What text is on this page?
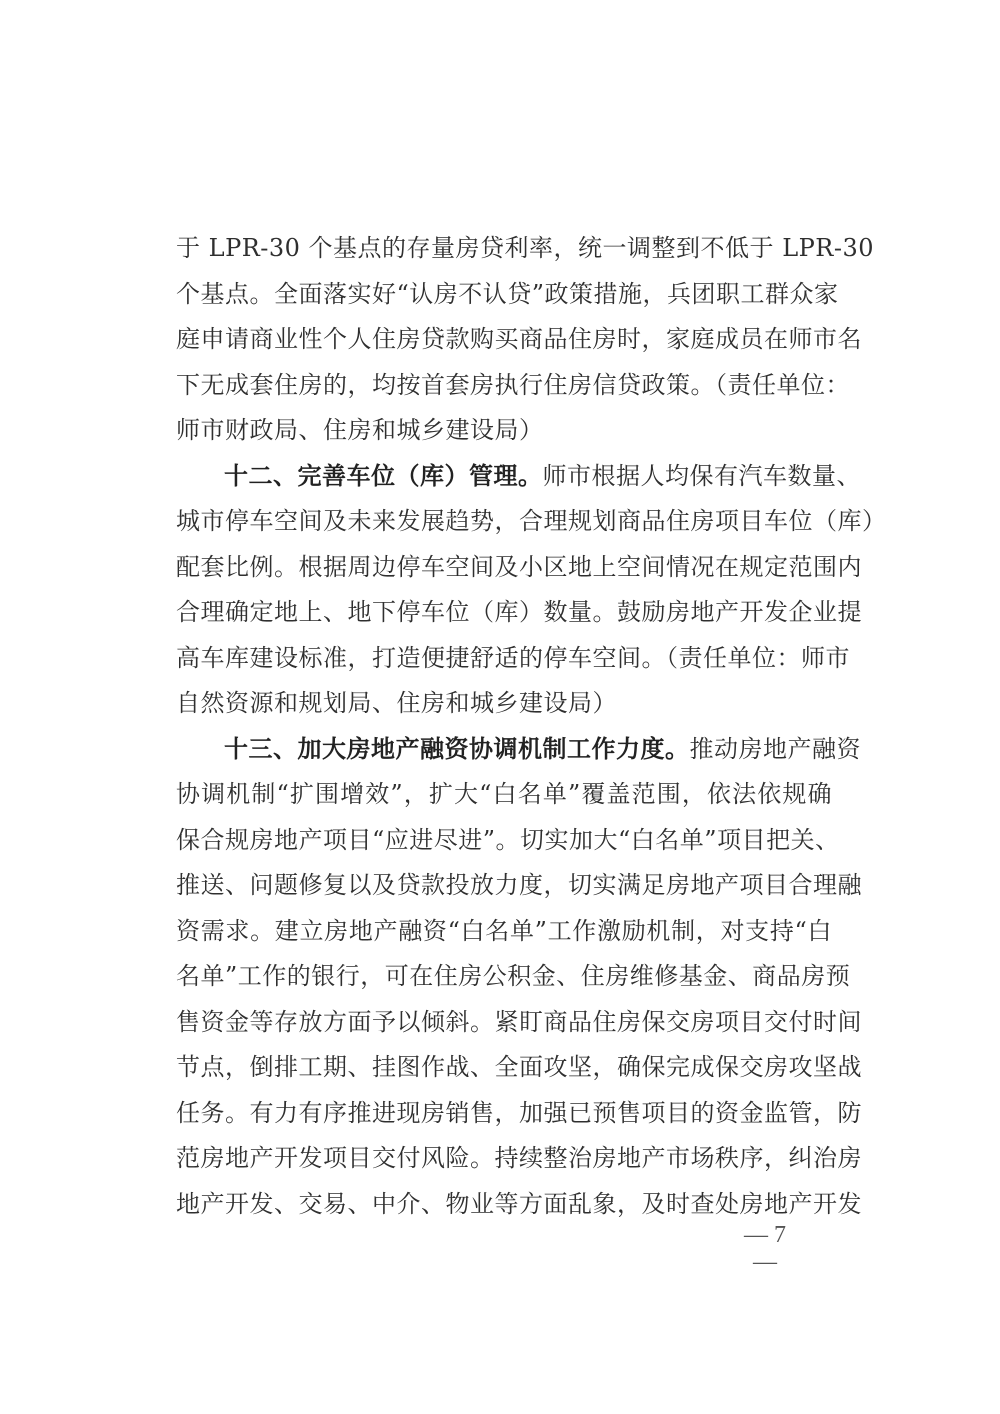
于 LPR-30 个基点的存量房贷利率，统一调整到不低于 LPR-30
个基点。全面落实好“认房不认贷”政策措施，兵团职工群众家
庭申请商业性个人住房贷款购买商品住房时，家庭成员在师市名
下无成套住房的，均按首套房执行住房信贷政策。（责任单位：
师市财政局、住房和城乡建设局）
十二、完善车位（库）管理。师市根据人均保有汽车数量、
城市停车空间及未来发展趋势，合理规划商品住房项目车位（库）
配套比例。根据周边停车空间及小区地上空间情况在规定范围内
合理确定地上、地下停车位（库）数量。鼓励房地产开发企业提
高车库建设标准，打造便捷舒适的停车空间。（责任单位：师市
自然资源和规划局、住房和城乡建设局）
十三、加大房地产融资协调机制工作力度。推动房地产融资
协调机制“扩围增效”，扩大“白名单”覆盖范围，依法依规确
保合规房地产项目“应进尽进”。切实加大“白名单”项目把关、
推送、问题修复以及贷款投放力度，切实满足房地产项目合理融
资需求。建立房地产融资“白名单”工作激励机制，对支持“白
名单”工作的银行，可在住房公积金、住房维修基金、商品房预
售资金等存放方面予以倾斜。紧盯商品住房保交房项目交付时间
节点，倒排工期、挂图作战、全面攻坚，确保完成保交房攻坚战
任务。有力有序推进现房销售，加强已预售项目的资金监管，防
范房地产开发项目交付风险。持续整治房地产市场秩序，纠治房
地产开发、交易、中介、物业等方面乱象，及时查处房地产开发
— 7 —
